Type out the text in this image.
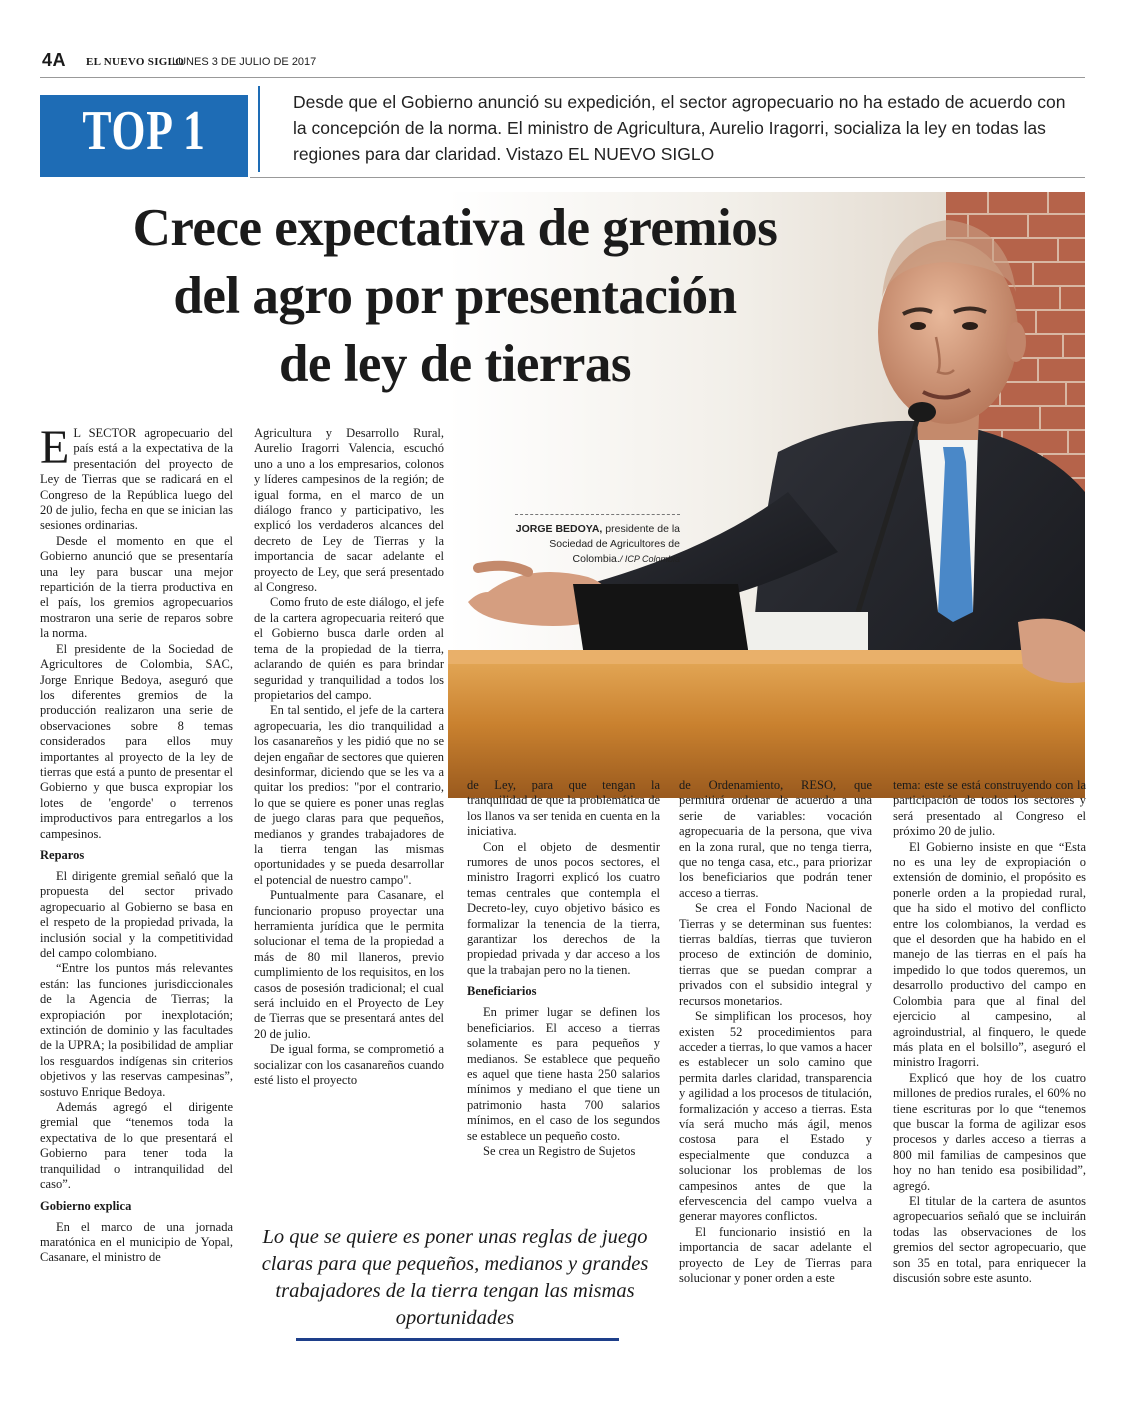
4A EL NUEVO SIGLO
LUNES 3 DE JULIO DE 2017
TOP 1	Desde que el Gobierno anunció su expedición, el sector agropecuario no ha estado de acuerdo con la concepción de la norma. El ministro de Agricultura, Aurelio Iragorri, socializa la ley en todas las regiones para dar claridad. Vistazo EL NUEVO SIGLO
Crece expectativa de gremios
del agro por presentación
de ley de tierras
JORGE BEDOYA, presidente de la Sociedad de Agricultores de Colombia./ ICP Colombia

E L SECTOR agropecuario del país está a la expectativa de la presentación del proyecto de Ley de Tierras que se radicará en el Congreso de la República luego del 20 de julio, fecha en que se inician las sesiones ordinarias.

Desde el momento en que el Gobierno anunció que se presentaría una ley para buscar una mejor repartición de la tierra productiva en el país, los gremios agropecuarios mostraron una serie de reparos sobre la norma.

El presidente de la Sociedad de Agricultores de Colombia, SAC, Jorge Enrique Bedoya, aseguró que los diferentes gremios de la producción realizaron una serie de observaciones sobre 8 temas considerados para ellos muy importantes al proyecto de la ley de tierras que está a punto de presentar el Gobierno y que busca expropiar los lotes de 'engorde' o terrenos improductivos para entregarlos a los campesinos.

Reparos

El dirigente gremial señaló que la propuesta del sector privado agropecuario al Gobierno se basa en el respeto de la propiedad privada, la inclusión social y la competitividad del campo colombiano.

“Entre los puntos más relevantes están: las funciones jurisdiccionales de la Agencia de Tierras; la expropiación por inexplotación; extinción de dominio y las facultades de la UPRA; la posibilidad de ampliar los resguardos indígenas sin criterios objetivos y las reservas campesinas”, sostuvo Enrique Bedoya.

Además agregó el dirigente gremial que “tenemos toda la expectativa de lo que presentará el Gobierno para tener toda la tranquilidad o intranquilidad del caso”.

Gobierno explica

En el marco de una jornada maratónica en el municipio de Yopal, Casanare, el ministro de

Agricultura y Desarrollo Rural, Aurelio Iragorri Valencia, escuchó uno a uno a los empresarios, colonos y líderes campesinos de la región; de igual forma, en el marco de un diálogo franco y participativo, les explicó los verdaderos alcances del decreto de Ley de Tierras y la importancia de sacar adelante el proyecto de Ley, que será presentado al Congreso.

Como fruto de este diálogo, el jefe de la cartera agropecuaria reiteró que el Gobierno busca darle orden al tema de la propiedad de la tierra, aclarando de quién es para brindar seguridad y tranquilidad a todos los propietarios del campo.

En tal sentido, el jefe de la cartera agropecuaria, les dio tranquilidad a los casanareños y les pidió que no se dejen engañar de sectores que quieren desinformar, diciendo que se les va a quitar los predios: "por el contrario, lo que se quiere es poner unas reglas de juego claras para que pequeños, medianos y grandes trabajadores de la tierra tengan las mismas oportunidades y se pueda desarrollar el potencial de nuestro campo".

Puntualmente para Casanare, el funcionario propuso proyectar una herramienta jurídica que le permita solucionar el tema de la propiedad a más de 80 mil llaneros, previo cumplimiento de los requisitos, en los casos de posesión tradicional; el cual será incluido en el Proyecto de Ley de Tierras que se presentará antes del 20 de julio.

De igual forma, se comprometió a socializar con los casanareños cuando esté listo el proyecto

de Ley, para que tengan la tranquilidad de que la problemática de los llanos va ser tenida en cuenta en la iniciativa.

Con el objeto de desmentir rumores de unos pocos sectores, el ministro Iragorri explicó los cuatro temas centrales que contempla el Decreto-ley, cuyo objetivo básico es formalizar la tenencia de la tierra, garantizar los derechos de la propiedad privada y dar acceso a los que la trabajan pero no la tienen.

Beneficiarios

En primer lugar se definen los beneficiarios. El acceso a tierras solamente es para pequeños y medianos. Se establece que pequeño es aquel que tiene hasta 250 salarios mínimos y mediano el que tiene un patrimonio hasta 700 salarios mínimos, en el caso de los segundos se establece un pequeño costo.

Se crea un Registro de Sujetos

de Ordenamiento, RESO, que permitirá ordenar de acuerdo a una serie de variables: vocación agropecuaria de la persona, que viva en la zona rural, que no tenga tierra, que no tenga casa, etc., para priorizar los beneficiarios que podrán tener acceso a tierras.

Se crea el Fondo Nacional de Tierras y se determinan sus fuentes: tierras baldías, tierras que tuvieron proceso de extinción de dominio, tierras que se puedan comprar a privados con el subsidio integral y recursos monetarios.

Se simplifican los procesos, hoy existen 52 procedimientos para acceder a tierras, lo que vamos a hacer es establecer un solo camino que permita darles claridad, transparencia y agilidad a los procesos de titulación, formalización y acceso a tierras. Esta vía será mucho más ágil, menos costosa para el Estado y especialmente que conduzca a solucionar los problemas de los campesinos antes de que la efervescencia del campo vuelva a generar mayores conflictos.

El funcionario insistió en la importancia de sacar adelante el proyecto de Ley de Tierras para solucionar y poner orden a este

tema: este se está construyendo con la participación de todos los sectores y será presentado al Congreso el próximo 20 de julio.

El Gobierno insiste en que “Esta no es una ley de expropiación o extensión de dominio, el propósito es ponerle orden a la propiedad rural, que ha sido el motivo del conflicto entre los colombianos, la verdad es que el desorden que ha habido en el manejo de las tierras en el país ha impedido lo que todos queremos, un desarrollo productivo del campo en Colombia para que al final del ejercicio al campesino, al agroindustrial, al finquero, le quede más plata en el bolsillo”, aseguró el ministro Iragorri.

Explicó que hoy de los cuatro millones de predios rurales, el 60% no tiene escrituras por lo que “tenemos que buscar la forma de agilizar esos procesos y darles acceso a tierras a 800 mil familias de campesinos que hoy no han tenido esa posibilidad”, agregó.

El titular de la cartera de asuntos agropecuarios señaló que se incluirán todas las observaciones de los gremios del sector agropecuario, que son 35 en total, para enriquecer la discusión sobre este asunto.

Lo que se quiere es poner unas reglas de juego claras para que pequeños, medianos y grandes trabajadores de la tierra tengan las mismas oportunidades
